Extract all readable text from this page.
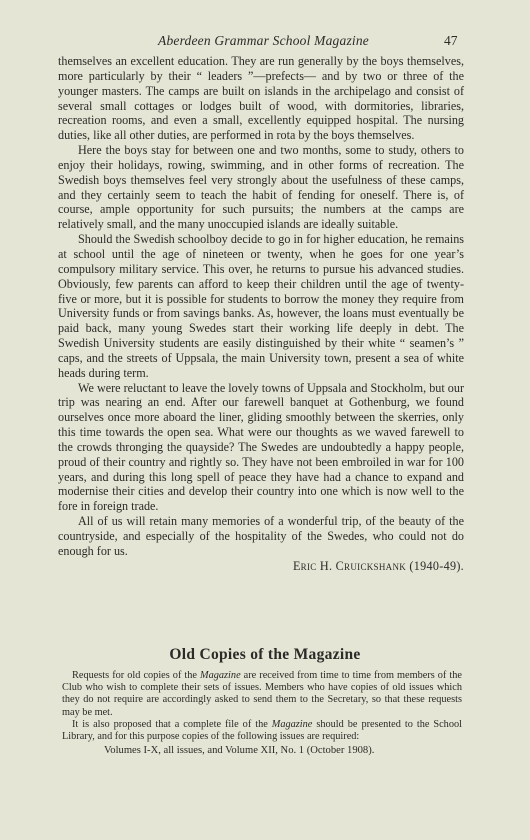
Aberdeen Grammar School Magazine	47

themselves an excellent education. They are run generally by the boys themselves, more particularly by their “ leaders ”—prefects— and by two or three of the younger masters. The camps are built on islands in the archipelago and consist of several small cottages or lodges built of wood, with dormitories, libraries, recreation rooms, and even a small, excellently equipped hospital. The nursing duties, like all other duties, are performed in rota by the boys themselves.

Here the boys stay for between one and two months, some to study, others to enjoy their holidays, rowing, swimming, and in other forms of recreation. The Swedish boys themselves feel very strongly about the usefulness of these camps, and they certainly seem to teach the habit of fending for oneself. There is, of course, ample opportunity for such pursuits; the numbers at the camps are relatively small, and the many unoccupied islands are ideally suitable.

Should the Swedish schoolboy decide to go in for higher education, he remains at school until the age of nineteen or twenty, when he goes for one year’s compulsory military service. This over, he returns to pursue his advanced studies. Obviously, few parents can afford to keep their children until the age of twenty-five or more, but it is possible for students to borrow the money they require from University funds or from savings banks. As, however, the loans must eventually be paid back, many young Swedes start their working life deeply in debt. The Swedish University students are easily distinguished by their white “ seamen’s ” caps, and the streets of Uppsala, the main University town, present a sea of white heads during term.

We were reluctant to leave the lovely towns of Uppsala and Stockholm, but our trip was nearing an end. After our farewell banquet at Gothenburg, we found ourselves once more aboard the liner, gliding smoothly between the skerries, only this time towards the open sea. What were our thoughts as we waved farewell to the crowds thronging the quayside? The Swedes are undoubtedly a happy people, proud of their country and rightly so. They have not been embroiled in war for 100 years, and during this long spell of peace they have had a chance to expand and modernise their cities and develop their country into one which is now well to the fore in foreign trade.

All of us will retain many memories of a wonderful trip, of the beauty of the countryside, and especially of the hospitality of the Swedes, who could not do enough for us.

Eric H. Cruickshank (1940-49).
Old Copies of the Magazine

Requests for old copies of the Magazine are received from time to time from members of the Club who wish to complete their sets of issues. Members who have copies of old issues which they do not require are accordingly asked to send them to the Secretary, so that these requests may be met.

It is also proposed that a complete file of the Magazine should be presented to the School Library, and for this purpose copies of the following issues are required:

Volumes I-X, all issues, and Volume XII, No. 1 (October 1908).
